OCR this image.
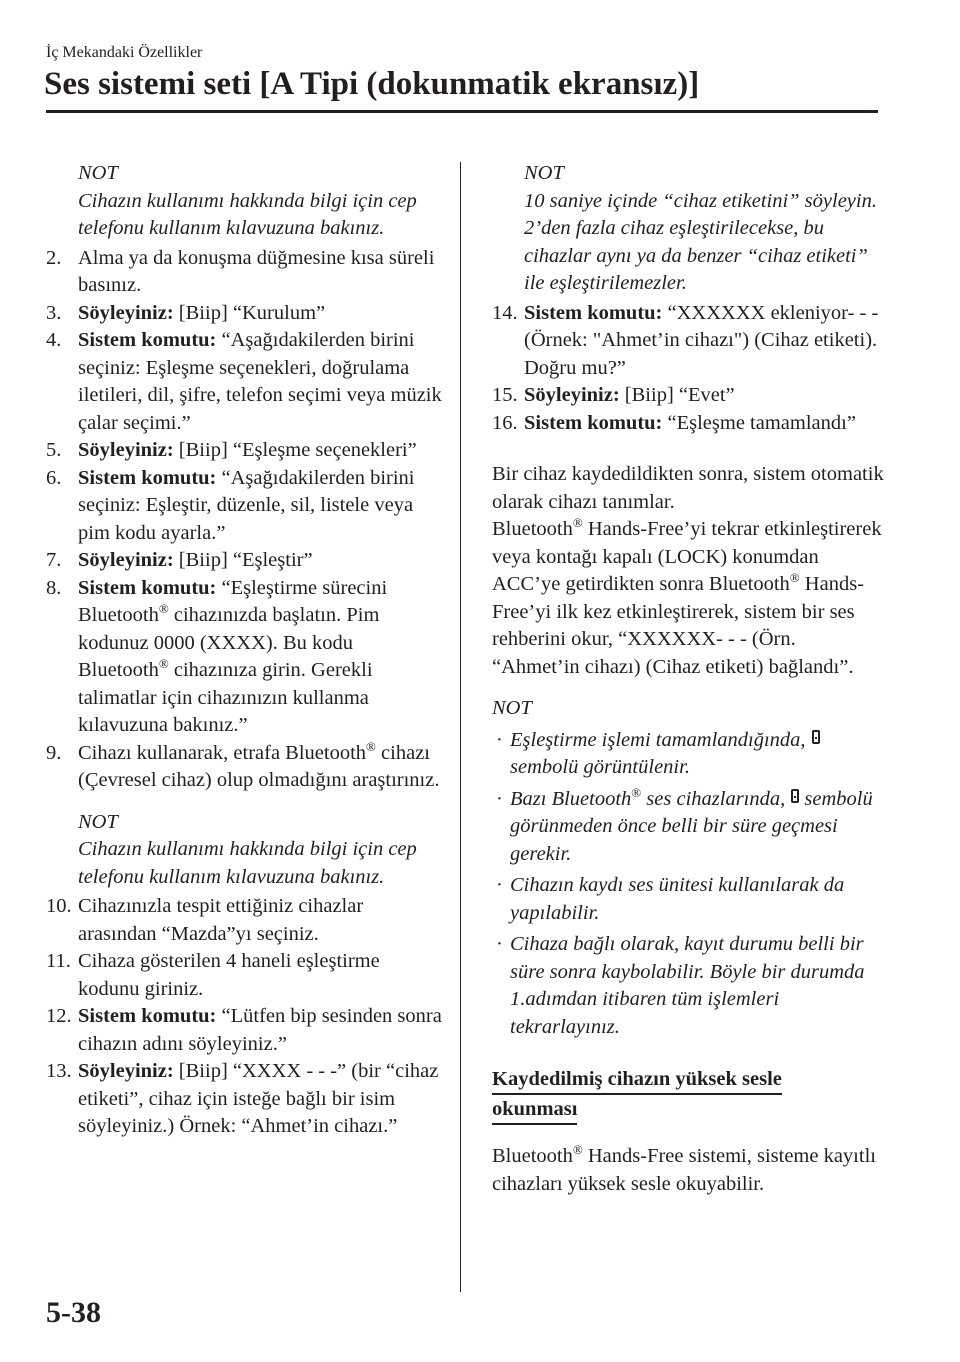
İç Mekandaki Özellikler
Ses sistemi seti [A Tipi (dokunmatik ekransız)]
NOT
Cihazın kullanımı hakkında bilgi için cep telefonu kullanım kılavuzuna bakınız.
2. Alma ya da konuşma düğmesine kısa süreli basınız.
3. Söyleyiniz: [Biip] “Kurulum”
4. Sistem komutu: “Aşağıdakilerden birini seçiniz: Eşleşme seçenekleri, doğrulama iletileri, dil, şifre, telefon seçimi veya müzik çalar seçimi.”
5. Söyleyiniz: [Biip] “Eşleşme seçenekleri”
6. Sistem komutu: “Aşağıdakilerden birini seçiniz: Eşleştir, düzenle, sil, listele veya pim kodu ayarla.”
7. Söyleyiniz: [Biip] “Eşleştir”
8. Sistem komutu: “Eşleştirme sürecini Bluetooth® cihazınızda başlatın. Pim kodunuz 0000 (XXXX). Bu kodu Bluetooth® cihazınıza girin. Gerekli talimatlar için cihazınızın kullanma kılavuzuna bakınız.”
9. Cihazı kullanarak, etrafa Bluetooth® cihazı (Çevresel cihaz) olup olmadığını araştırınız.
NOT
Cihazın kullanımı hakkında bilgi için cep telefonu kullanım kılavuzuna bakınız.
10. Cihazınızla tespit ettiğiniz cihazlar arasından “Mazda”yı seçiniz.
11. Cihaza gösterilen 4 haneli eşleştirme kodunu giriniz.
12. Sistem komutu: “Lütfen bip sesinden sonra cihazın adını söyleyiniz.”
13. Söyleyiniz: [Biip] “XXXX - - -” (bir “cihaz etiketi”, cihaz için isteğe bağlı bir isim söyleyiniz.) Örnek: “Ahmet’in cihazı.”
NOT
10 saniye içinde “cihaz etiketini” söyleyin. 2’den fazla cihaz eşleştirilecekse, bu cihazlar aynı ya da benzer “cihaz etiketi” ile eşleştirilemezler.
14. Sistem komutu: “XXXXXX ekleniyor- - - (Örnek: "Ahmet’in cihazı") (Cihaz etiketi). Doğru mu?”
15. Söyleyiniz: [Biip] “Evet”
16. Sistem komutu: “Eşleşme tamamlandı”

Bir cihaz kaydedildikten sonra, sistem otomatik olarak cihazı tanımlar.

Bluetooth® Hands-Free’yi tekrar etkinleştirerek veya kontağı kapalı (LOCK) konumdan ACC’ye getirdikten sonra Bluetooth® Hands-Free’yi ilk kez etkinleştirerek, sistem bir ses rehberini okur, “XXXXXX- - - (Örn. “Ahmet’in cihazı) (Cihaz etiketi) bağlandı”.

NOT

· Eşleştirme işlemi tamamlandığında, sembolü görüntülenir.
· Bazı Bluetooth® ses cihazlarında, sembolü görünmeden önce belli bir süre geçmesi gerekir.
· Cihazın kaydı ses ünitesi kullanılarak da yapılabilir.
· Cihaza bağlı olarak, kayıt durumu belli bir süre sonra kaybolabilir. Böyle bir durumda 1.adımdan itibaren tüm işlemleri tekrarlayınız.
Kaydedilmiş cihazın yüksek sesle
okunması

Bluetooth® Hands-Free sistemi, sisteme kayıtlı cihazları yüksek sesle okuyabilir.

5-38
